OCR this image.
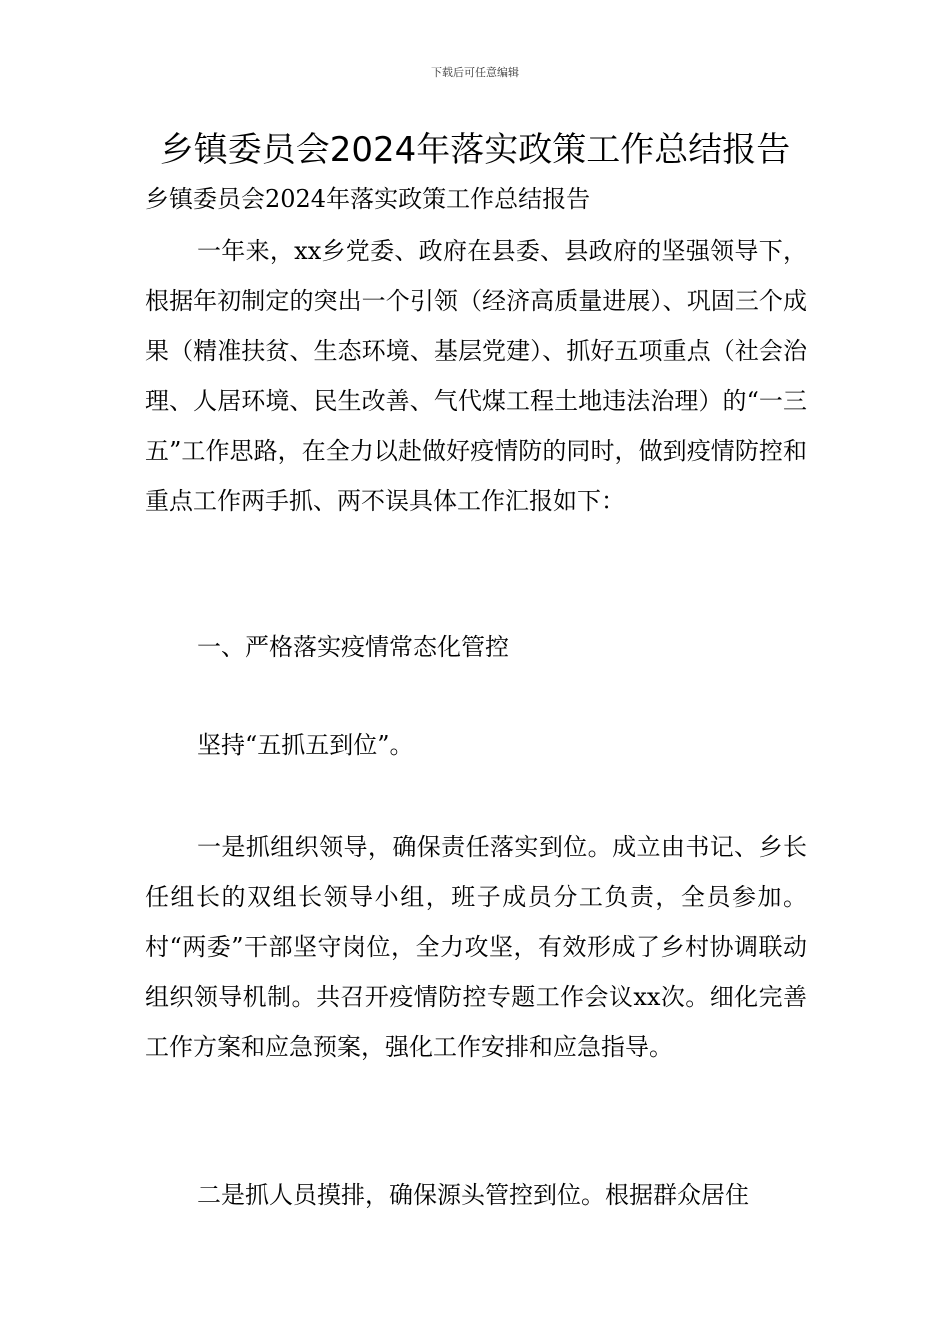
下载后可任意编辑
乡镇委员会2024年落实政策工作总结报告

乡镇委员会2024年落实政策工作总结报告

一年来，xx乡党委、政府在县委、县政府的坚强领导下，根据年初制定的突出一个引领（经济高质量进展）、巩固三个成果（精准扶贫、生态环境、基层党建）、抓好五项重点（社会治理、人居环境、民生改善、气代煤工程土地违法治理）的“一三五”工作思路，在全力以赴做好疫情防的同时，做到疫情防控和重点工作两手抓、两不误具体工作汇报如下：

一、严格落实疫情常态化管控

坚持“五抓五到位”。

一是抓组织领导，确保责任落实到位。成立由书记、乡长任组长的双组长领导小组，班子成员分工负责，全员参加。村“两委”干部坚守岗位，全力攻坚，有效形成了乡村协调联动组织领导机制。共召开疫情防控专题工作会议xx次。细化完善工作方案和应急预案，强化工作安排和应急指导。

二是抓人员摸排，确保源头管控到位。根据群众居住
